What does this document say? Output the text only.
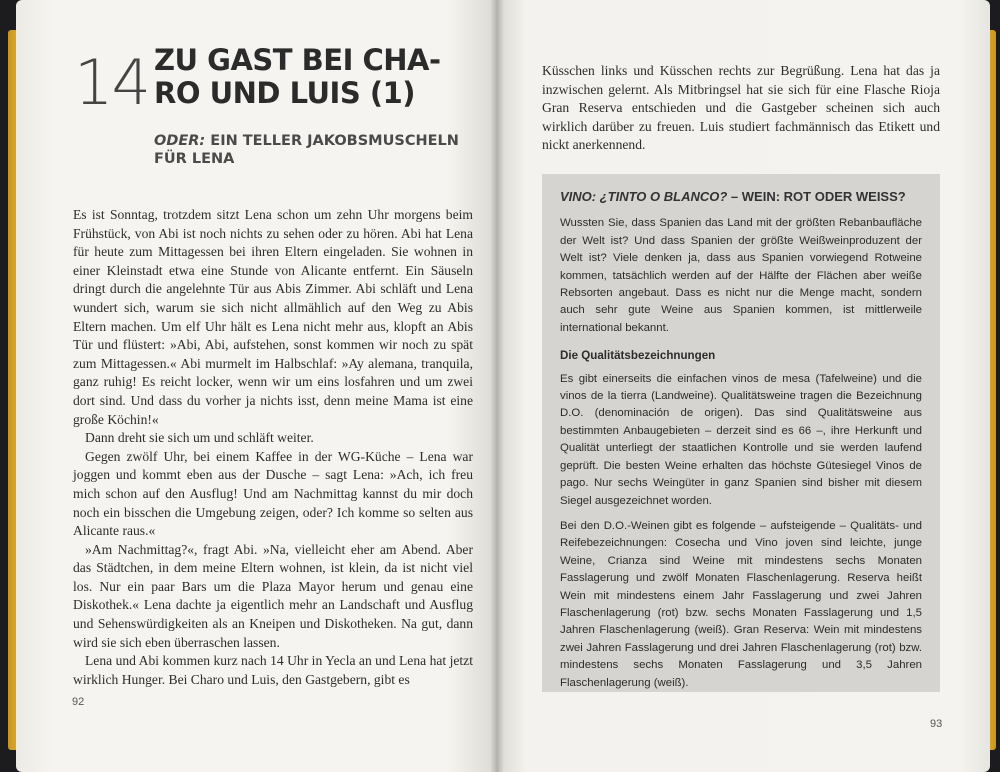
14 ZU GAST BEI CHA-
RO UND LUIS (1)
ODER: EIN TELLER JAKOBSMUSCHELN FÜR LENA

Es ist Sonntag, trotzdem sitzt Lena schon um zehn Uhr morgens beim Frühstück, von Abi ist noch nichts zu sehen oder zu hören. Abi hat Lena für heute zum Mittagessen bei ihren Eltern eingeladen. Sie wohnen in einer Kleinstadt etwa eine Stunde von Alicante entfernt. Ein Säuseln dringt durch die angelehnte Tür aus Abis Zimmer. Abi schläft und Lena wundert sich, warum sie sich nicht allmählich auf den Weg zu Abis Eltern machen. Um elf Uhr hält es Lena nicht mehr aus, klopft an Abis Tür und flüstert: »Abi, Abi, aufstehen, sonst kommen wir noch zu spät zum Mittagessen.« Abi murmelt im Halbschlaf: »Ay alemana, tranquila, ganz ruhig! Es reicht locker, wenn wir um eins losfahren und um zwei dort sind. Und dass du vorher ja nichts isst, denn meine Mama ist eine große Köchin!«

Dann dreht sie sich um und schläft weiter.

Gegen zwölf Uhr, bei einem Kaffee in der WG-Küche – Lena war joggen und kommt eben aus der Dusche – sagt Lena: »Ach, ich freu mich schon auf den Ausflug! Und am Nachmittag kannst du mir doch noch ein bisschen die Umgebung zeigen, oder? Ich komme so selten aus Alicante raus.«

»Am Nachmittag?«, fragt Abi. »Na, vielleicht eher am Abend. Aber das Städtchen, in dem meine Eltern wohnen, ist klein, da ist nicht viel los. Nur ein paar Bars um die Plaza Mayor herum und genau eine Diskothek.« Lena dachte ja eigentlich mehr an Landschaft und Ausflug und Sehenswürdigkeiten als an Kneipen und Diskotheken. Na gut, dann wird sie sich eben überraschen lassen.

Lena und Abi kommen kurz nach 14 Uhr in Yecla an und Lena hat jetzt wirklich Hunger. Bei Charo und Luis, den Gastgebern, gibt es

92

Küsschen links und Küsschen rechts zur Begrüßung. Lena hat das ja inzwischen gelernt. Als Mitbringsel hat sie sich für eine Flasche Rioja Gran Reserva entschieden und die Gastgeber scheinen sich auch wirklich darüber zu freuen. Luis studiert fachmännisch das Etikett und nickt anerkennend.

VINO: ¿TINTO O BLANCO? – WEIN: ROT ODER WEISS?

Wussten Sie, dass Spanien das Land mit der größten Rebanbaufläche der Welt ist? Und dass Spanien der größte Weißweinproduzent der Welt ist? Viele denken ja, dass aus Spanien vorwiegend Rotweine kommen, tatsächlich werden auf der Hälfte der Flächen aber weiße Rebsorten angebaut. Dass es nicht nur die Menge macht, sondern auch sehr gute Weine aus Spanien kommen, ist mittlerweile international bekannt.

Die Qualitätsbezeichnungen

Es gibt einerseits die einfachen vinos de mesa (Tafelweine) und die vinos de la tierra (Landweine). Qualitätsweine tragen die Bezeichnung D.O. (denominación de origen). Das sind Qualitätsweine aus bestimmten Anbaugebieten – derzeit sind es 66 –, ihre Herkunft und Qualität unterliegt der staatlichen Kontrolle und sie werden laufend geprüft. Die besten Weine erhalten das höchste Gütesiegel Vinos de pago. Nur sechs Weingüter in ganz Spanien sind bisher mit diesem Siegel ausgezeichnet worden.

Bei den D.O.-Weinen gibt es folgende – aufsteigende – Qualitäts- und Reifebezeichnungen: Cosecha und Vino joven sind leichte, junge Weine, Crianza sind Weine mit mindestens sechs Monaten Fasslagerung und zwölf Monaten Flaschenlagerung. Reserva heißt Wein mit mindestens einem Jahr Fasslagerung und zwei Jahren Flaschenlagerung (rot) bzw. sechs Monaten Fasslagerung und 1,5 Jahren Flaschenlagerung (weiß). Gran Reserva: Wein mit mindestens zwei Jahren Fasslagerung und drei Jahren Flaschenlagerung (rot) bzw. mindestens sechs Monaten Fasslagerung und 3,5 Jahren Flaschenlagerung (weiß).

93
